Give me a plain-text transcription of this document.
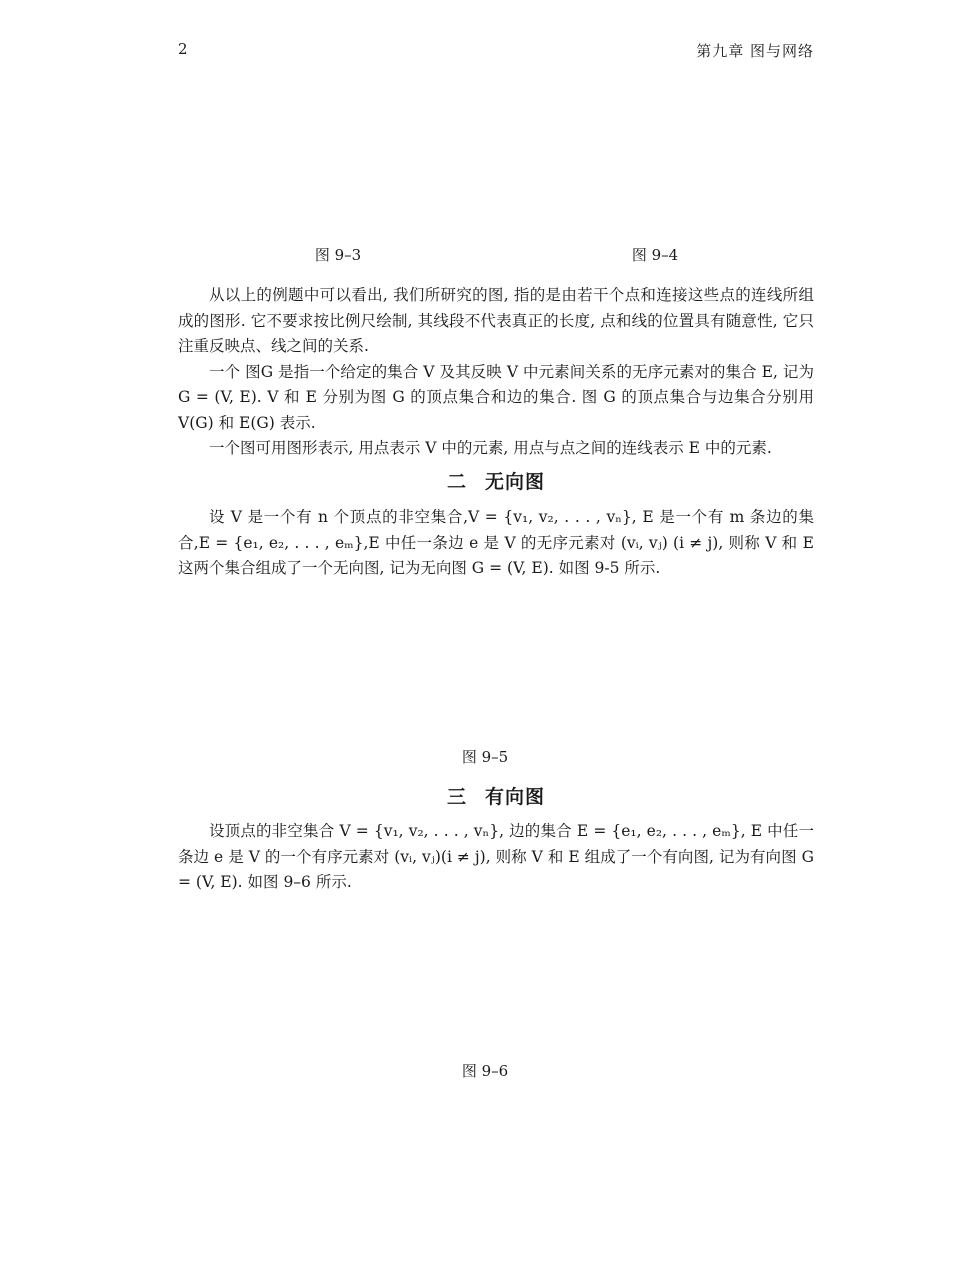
2	第九章 图与网络
图 9–3	图 9–4

从以上的例题中可以看出, 我们所研究的图, 指的是由若干个点和连接这些点的连线所组成的图形. 它不要求按比例尺绘制, 其线段不代表真正的长度, 点和线的位置具有随意性, 它只注重反映点、线之间的关系.

一个 图G 是指一个给定的集合 V 及其反映 V 中元素间关系的无序元素对的集合 E, 记为 G = (V, E). V 和 E 分别为图 G 的顶点集合和边的集合. 图 G 的顶点集合与边集合分别用 V(G) 和 E(G) 表示.

一个图可用图形表示, 用点表示 V 中的元素, 用点与点之间的连线表示 E 中的元素.

二 无向图

设 V 是一个有 n 个顶点的非空集合,V = {v₁, v₂, . . . , vₙ}, E 是一个有 m 条边的集合,E = {e₁, e₂, . . . , eₘ},E 中任一条边 e 是 V 的无序元素对 (vᵢ, vⱼ) (i ≠ j), 则称 V 和 E 这两个集合组成了一个无向图, 记为无向图 G = (V, E). 如图 9-5 所示.

图 9–5
三 有向图

设顶点的非空集合 V = {v₁, v₂, . . . , vₙ}, 边的集合 E = {e₁, e₂, . . . , eₘ}, E 中任一条边 e 是 V 的一个有序元素对 (vᵢ, vⱼ)(i ≠ j), 则称 V 和 E 组成了一个有向图, 记为有向图 G = (V, E). 如图 9–6 所示.

图 9–6
